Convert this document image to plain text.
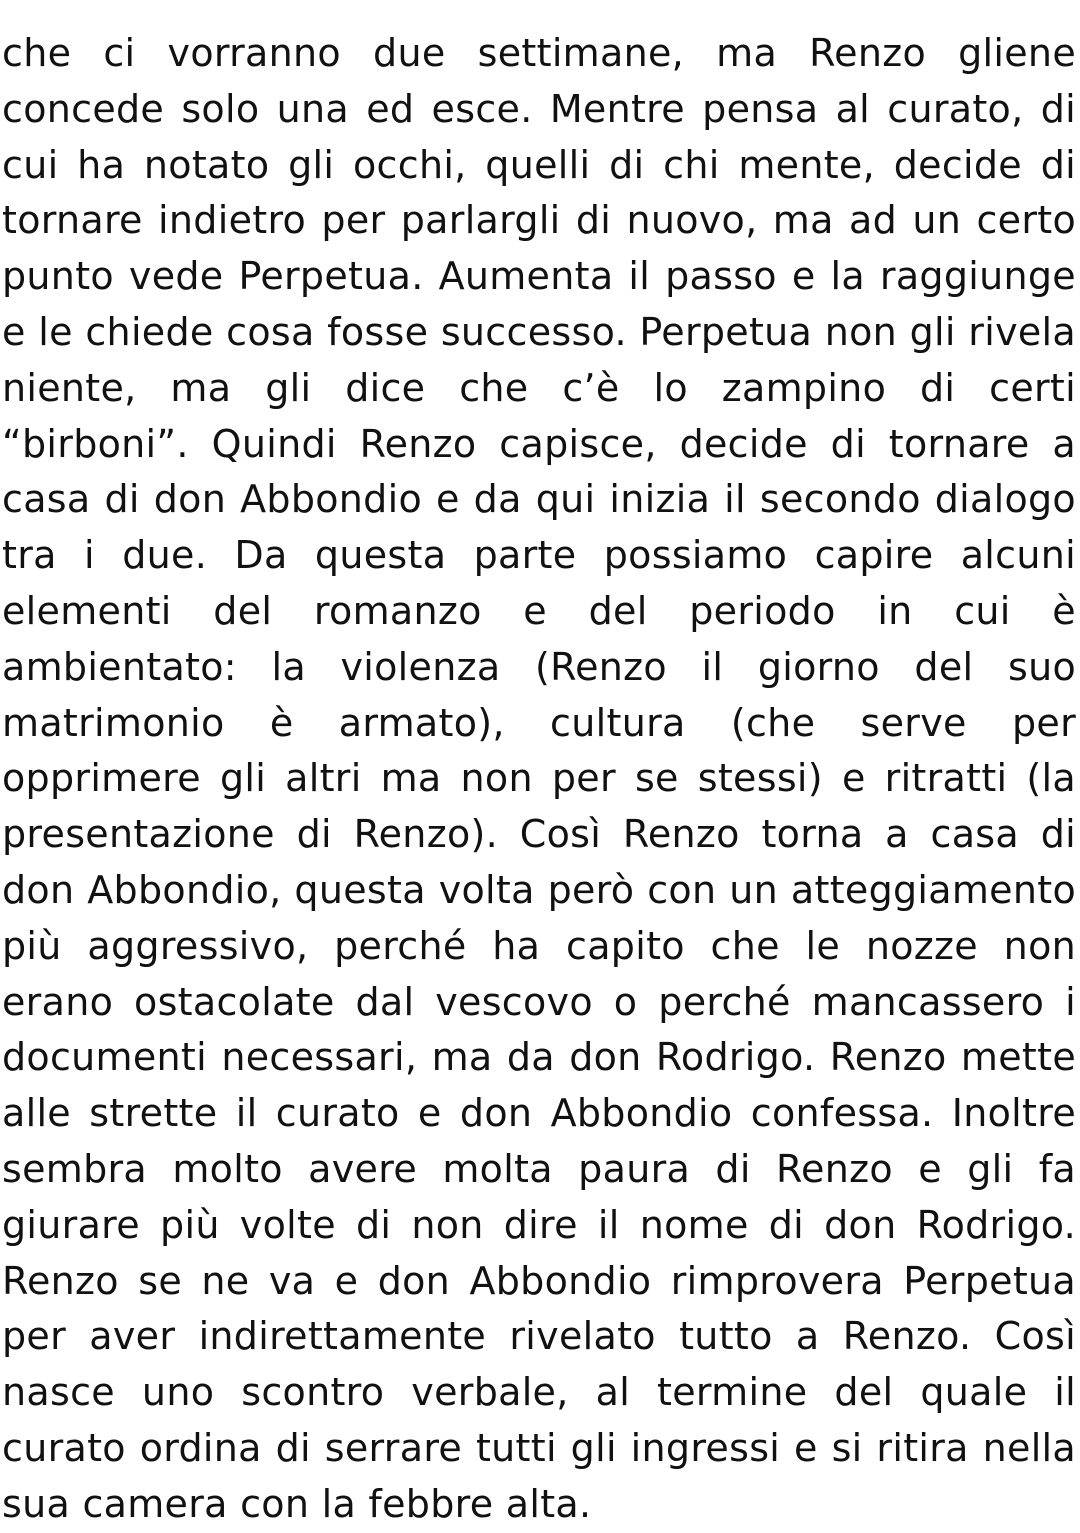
che ci vorranno due settimane, ma Renzo gliene concede solo una ed esce. Mentre pensa al curato, di cui ha notato gli occhi, quelli di chi mente, decide di tornare indietro per parlargli di nuovo, ma ad un certo punto vede Perpetua. Aumenta il passo e la raggiunge e le chiede cosa fosse successo. Perpetua non gli rivela niente, ma gli dice che c’è lo zampino di certi “birboni”. Quindi Renzo capisce, decide di tornare a casa di don Abbondio e da qui inizia il secondo dialogo tra i due. Da questa parte possiamo capire alcuni elementi del romanzo e del periodo in cui è ambientato: la violenza (Renzo il giorno del suo matrimonio è armato), cultura (che serve per opprimere gli altri ma non per se stessi) e ritratti (la presentazione di Renzo). Così Renzo torna a casa di don Abbondio, questa volta però con un atteggiamento più aggressivo, perché ha capito che le nozze non erano ostacolate dal vescovo o perché mancassero i documenti necessari, ma da don Rodrigo. Renzo mette alle strette il curato e don Abbondio confessa. Inoltre sembra molto avere molta paura di Renzo e gli fa giurare più volte di non dire il nome di don Rodrigo. Renzo se ne va e don Abbondio rimprovera Perpetua per aver indirettamente rivelato tutto a Renzo. Così nasce uno scontro verbale, al termine del quale il curato ordina di serrare tutti gli ingressi e si ritira nella sua camera con la febbre alta.
